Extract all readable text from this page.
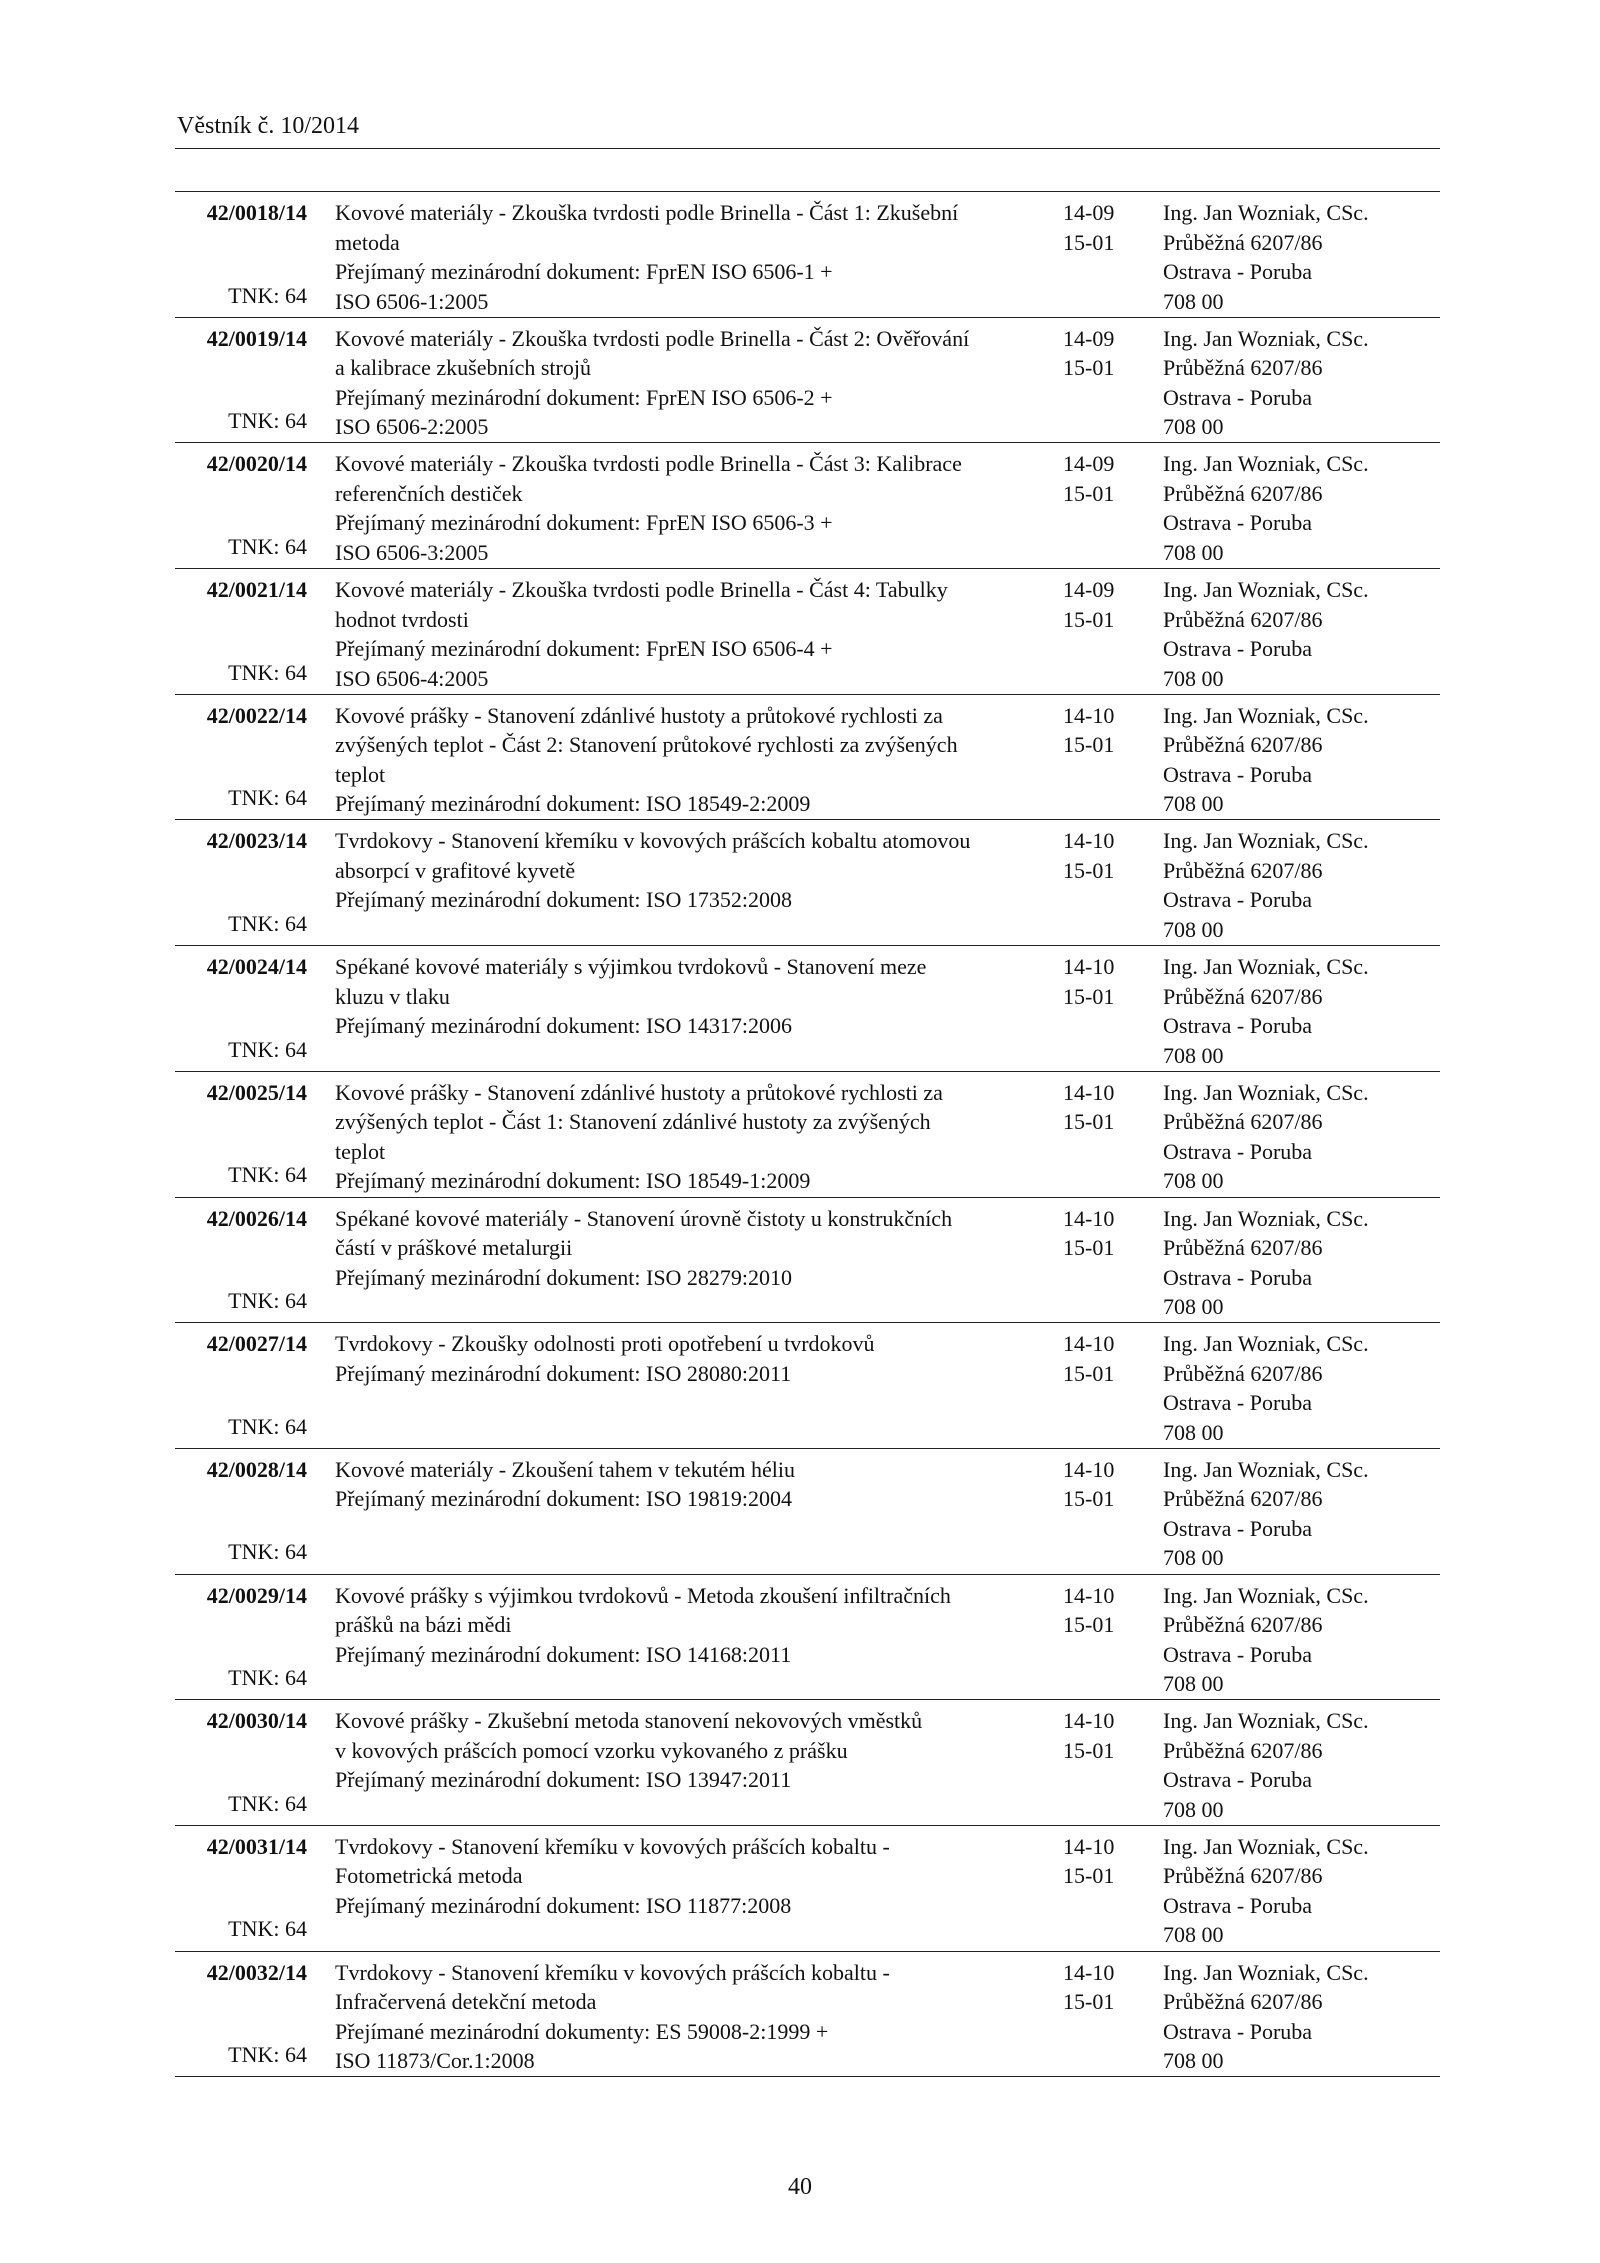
Věstník č. 10/2014
42/0018/14
TNK: 64
Kovové materiály - Zkouška tvrdosti podle Brinella - Část 1: Zkušební
metoda
Přejímaný mezinárodní dokument: FprEN ISO 6506-1 +
ISO 6506-1:2005
14-09
15-01
Ing. Jan Wozniak, CSc.
Průběžná 6207/86
Ostrava - Poruba
708 00
42/0019/14
TNK: 64
Kovové materiály - Zkouška tvrdosti podle Brinella - Část 2: Ověřování
a kalibrace zkušebních strojů
Přejímaný mezinárodní dokument: FprEN ISO 6506-2 +
ISO 6506-2:2005
14-09
15-01
Ing. Jan Wozniak, CSc.
Průběžná 6207/86
Ostrava - Poruba
708 00
42/0020/14
TNK: 64
Kovové materiály - Zkouška tvrdosti podle Brinella - Část 3: Kalibrace
referenčních destiček
Přejímaný mezinárodní dokument: FprEN ISO 6506-3 +
ISO 6506-3:2005
14-09
15-01
Ing. Jan Wozniak, CSc.
Průběžná 6207/86
Ostrava - Poruba
708 00
42/0021/14
TNK: 64
Kovové materiály - Zkouška tvrdosti podle Brinella - Část 4: Tabulky
hodnot tvrdosti
Přejímaný mezinárodní dokument: FprEN ISO 6506-4 +
ISO 6506-4:2005
14-09
15-01
Ing. Jan Wozniak, CSc.
Průběžná 6207/86
Ostrava - Poruba
708 00
42/0022/14
TNK: 64
Kovové prášky - Stanovení zdánlivé hustoty a průtokové rychlosti za
zvýšených teplot - Část 2: Stanovení průtokové rychlosti za zvýšených
teplot
Přejímaný mezinárodní dokument: ISO 18549-2:2009
14-10
15-01
Ing. Jan Wozniak, CSc.
Průběžná 6207/86
Ostrava - Poruba
708 00
42/0023/14
TNK: 64
Tvrdokovy - Stanovení křemíku v kovových prášcích kobaltu atomovou
absorpcí v grafitové kyvetě
Přejímaný mezinárodní dokument: ISO 17352:2008
14-10
15-01
Ing. Jan Wozniak, CSc.
Průběžná 6207/86
Ostrava - Poruba
708 00
42/0024/14
TNK: 64
Spékané kovové materiály s výjimkou tvrdokovů - Stanovení meze
kluzu v tlaku
Přejímaný mezinárodní dokument: ISO 14317:2006
14-10
15-01
Ing. Jan Wozniak, CSc.
Průběžná 6207/86
Ostrava - Poruba
708 00
42/0025/14
TNK: 64
Kovové prášky - Stanovení zdánlivé hustoty a průtokové rychlosti za
zvýšených teplot - Část 1: Stanovení zdánlivé hustoty za zvýšených
teplot
Přejímaný mezinárodní dokument: ISO 18549-1:2009
14-10
15-01
Ing. Jan Wozniak, CSc.
Průběžná 6207/86
Ostrava - Poruba
708 00
42/0026/14
TNK: 64
Spékané kovové materiály - Stanovení úrovně čistoty u konstrukčních
částí v práškové metalurgii
Přejímaný mezinárodní dokument: ISO 28279:2010
14-10
15-01
Ing. Jan Wozniak, CSc.
Průběžná 6207/86
Ostrava - Poruba
708 00
42/0027/14
TNK: 64
Tvrdokovy - Zkoušky odolnosti proti opotřebení u tvrdokovů
Přejímaný mezinárodní dokument: ISO 28080:2011
14-10
15-01
Ing. Jan Wozniak, CSc.
Průběžná 6207/86
Ostrava - Poruba
708 00
42/0028/14
TNK: 64
Kovové materiály - Zkoušení tahem v tekutém héliu
Přejímaný mezinárodní dokument: ISO 19819:2004
14-10
15-01
Ing. Jan Wozniak, CSc.
Průběžná 6207/86
Ostrava - Poruba
708 00
42/0029/14
TNK: 64
Kovové prášky s výjimkou tvrdokovů - Metoda zkoušení infiltračních
prášků na bázi mědi
Přejímaný mezinárodní dokument: ISO 14168:2011
14-10
15-01
Ing. Jan Wozniak, CSc.
Průběžná 6207/86
Ostrava - Poruba
708 00
42/0030/14
TNK: 64
Kovové prášky - Zkušební metoda stanovení nekovových vměstků
v kovových prášcích pomocí vzorku vykovaného z prášku
Přejímaný mezinárodní dokument: ISO 13947:2011
14-10
15-01
Ing. Jan Wozniak, CSc.
Průběžná 6207/86
Ostrava - Poruba
708 00
42/0031/14
TNK: 64
Tvrdokovy - Stanovení křemíku v kovových prášcích kobaltu -
Fotometrická metoda
Přejímaný mezinárodní dokument: ISO 11877:2008
14-10
15-01
Ing. Jan Wozniak, CSc.
Průběžná 6207/86
Ostrava - Poruba
708 00
42/0032/14
TNK: 64
Tvrdokovy - Stanovení křemíku v kovových prášcích kobaltu -
Infračervená detekční metoda
Přejímané mezinárodní dokumenty: ES 59008-2:1999 +
ISO 11873/Cor.1:2008
14-10
15-01
Ing. Jan Wozniak, CSc.
Průběžná 6207/86
Ostrava - Poruba
708 00
40
